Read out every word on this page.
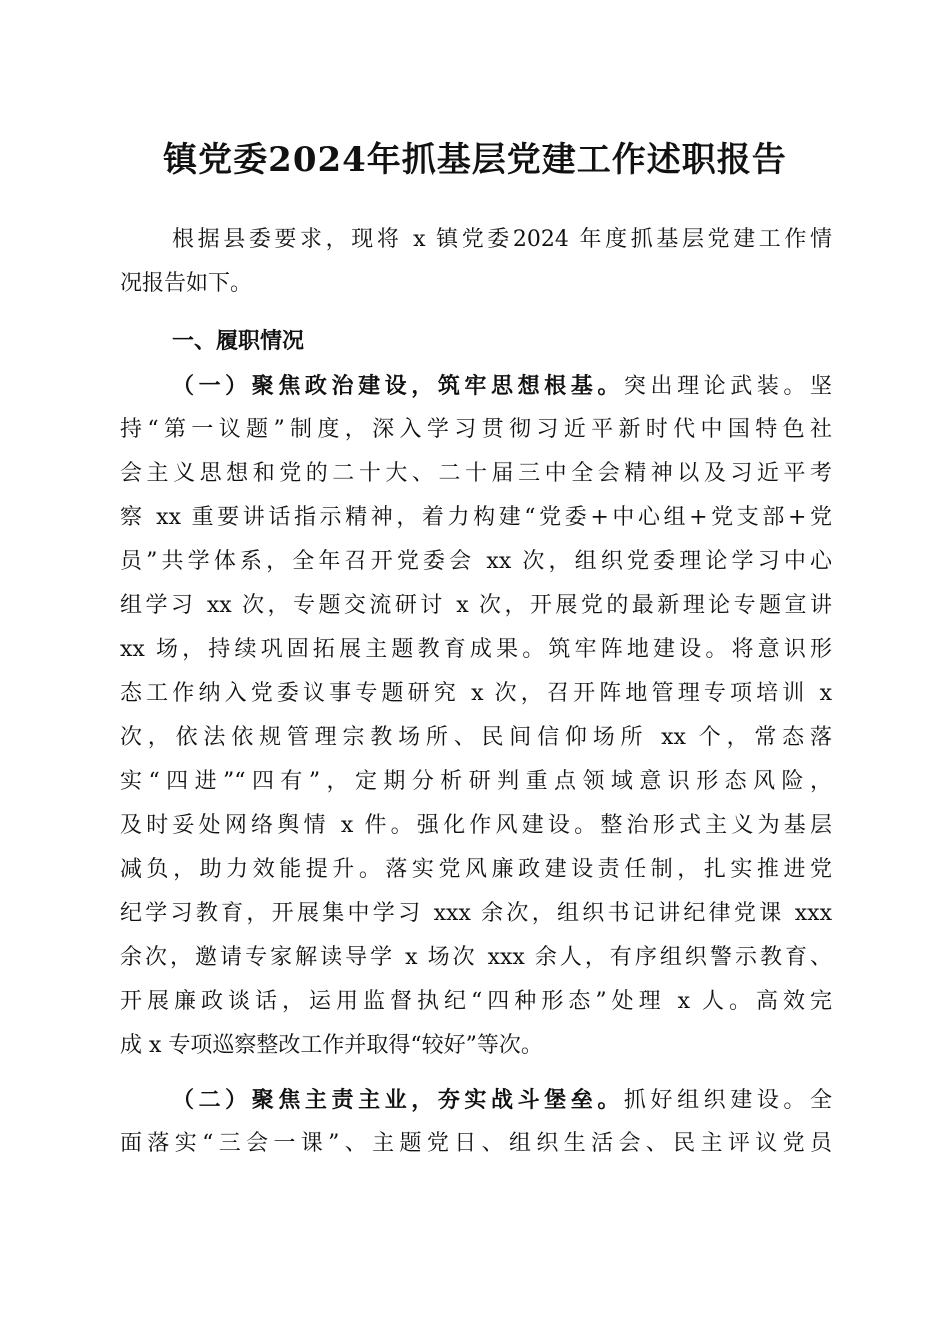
镇党委2024年抓基层党建工作述职报告
根据县委要求，现将 x 镇党委2024 年度抓基层党建工作情
况报告如下。
一、履职情况
（一）聚焦政治建设，筑牢思想根基。突出理论武装。坚
持“第一议题”制度，深入学习贯彻习近平新时代中国特色社
会主义思想和党的二十大、二十届三中全会精神以及习近平考
察 xx 重要讲话指示精神，着力构建“党委+中心组+党支部+党
员”共学体系，全年召开党委会 xx 次，组织党委理论学习中心
组学习 xx 次，专题交流研讨 x 次，开展党的最新理论专题宣讲
xx 场，持续巩固拓展主题教育成果。筑牢阵地建设。将意识形
态工作纳入党委议事专题研究 x 次，召开阵地管理专项培训 x
次，依法依规管理宗教场所、民间信仰场所 xx 个，常态落
实“四进”“四有”，定期分析研判重点领域意识形态风险，
及时妥处网络舆情 x 件。强化作风建设。整治形式主义为基层
减负，助力效能提升。落实党风廉政建设责任制，扎实推进党
纪学习教育，开展集中学习 xxx 余次，组织书记讲纪律党课 xxx
余次，邀请专家解读导学 x 场次 xxx 余人，有序组织警示教育、
开展廉政谈话，运用监督执纪“四种形态”处理 x 人。高效完
成 x 专项巡察整改工作并取得“较好”等次。
（二）聚焦主责主业，夯实战斗堡垒。抓好组织建设。全
面落实“三会一课”、主题党日、组织生活会、民主评议党员
